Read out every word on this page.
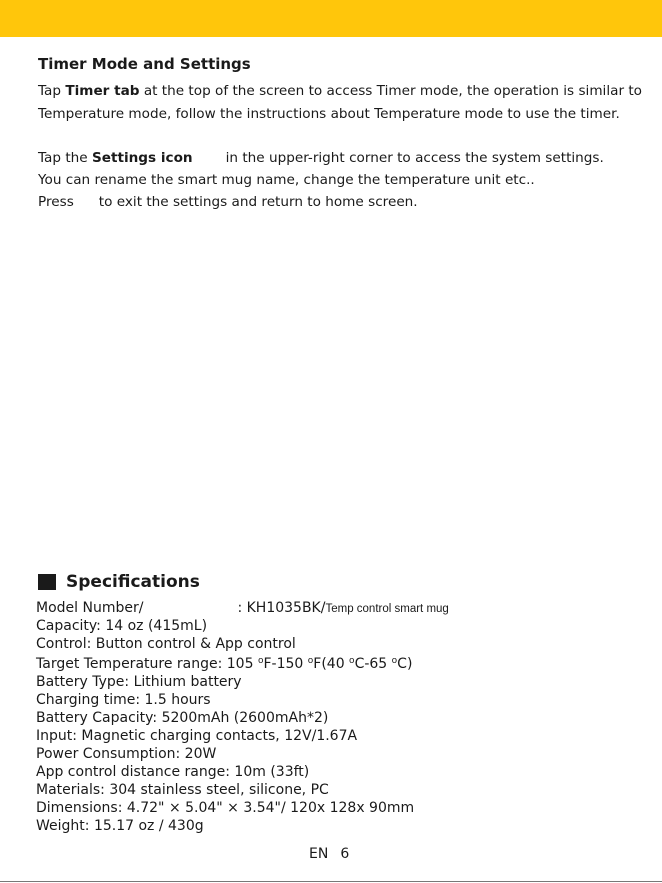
Timer Mode and Settings
Tap Timer tab at the top of the screen to access Timer mode, the operation is similar to
Temperature mode, follow the instructions about Temperature mode to use the timer.
Tap the Settings icon in the upper-right corner to access the system settings.
You can rename the smart mug name, change the temperature unit etc..
Press to exit the settings and return to home screen.
Specifications
Model Number/	: KH1035BK/Temp control smart mug
Capacity: 14 oz (415mL)
Control: Button control & App control
Target Temperature range: 105 $^o$F-150 $^o$F(40 $^o$C-65 $^o$C)
Battery Type: Lithium battery
Charging time: 1.5 hours
Battery Capacity: 5200mAh (2600mAh*2)
Input: Magnetic charging contacts, 12V/1.67A
Power Consumption: 20W
App control distance range: 10m (33ft)
Materials: 304 stainless steel, silicone, PC
Dimensions: 4.72" × 5.04" × 3.54"/ 120x 128x 90mm
Weight: 15.17 oz / 430g
EN 6
